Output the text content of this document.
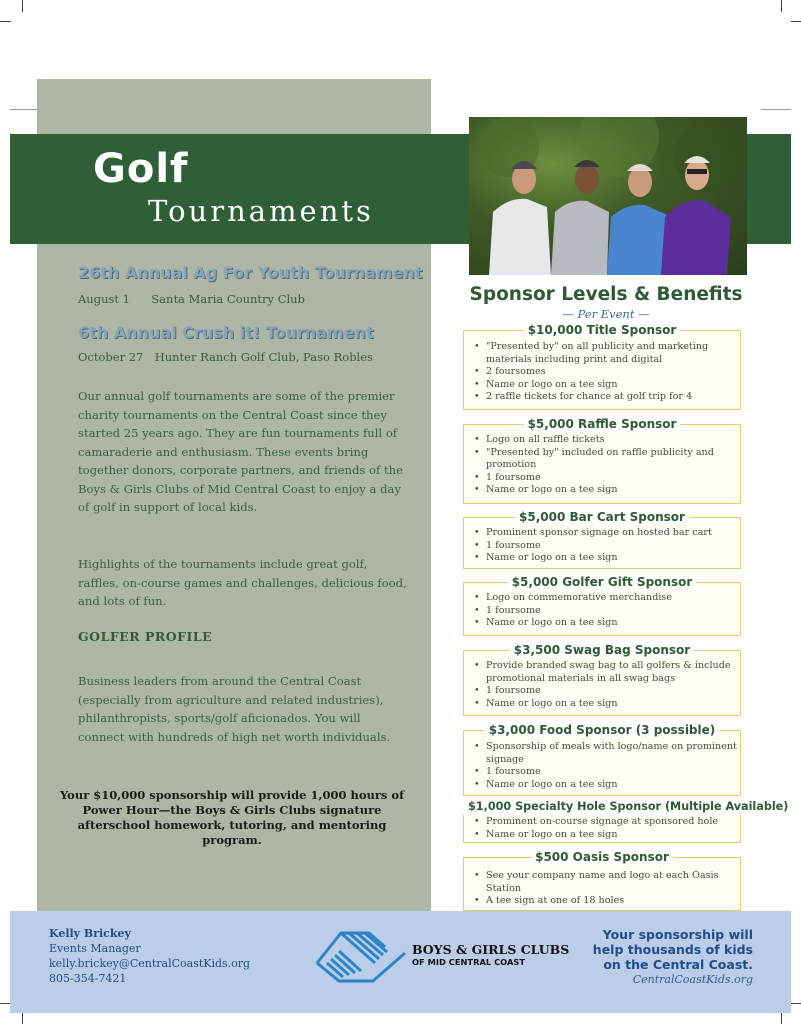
Golf
Tournaments
26th Annual Ag For Youth Tournament
August 1 Santa Maria Country Club
6th Annual Crush it! Tournament
October 27 Hunter Ranch Golf Club, Paso Robles
Our annual golf tournaments are some of the premier charity tournaments on the Central Coast since they started 25 years ago. They are fun tournaments full of camaraderie and enthusiasm. These events bring together donors, corporate partners, and friends of the Boys & Girls Clubs of Mid Central Coast to enjoy a day of golf in support of local kids.
Highlights of the tournaments include great golf, raffles, on-course games and challenges, delicious food, and lots of fun.
GOLFER PROFILE
Business leaders from around the Central Coast (especially from agriculture and related industries), philanthropists, sports/golf aficionados. You will connect with hundreds of high net worth individuals.
Your $10,000 sponsorship will provide 1,000 hours of Power Hour—the Boys & Girls Clubs signature afterschool homework, tutoring, and mentoring program.
Sponsor Levels & Benefits
— Per Event —
$10,000 Title Sponsor
• "Presented by" on all publicity and marketing materials including print and digital
• 2 foursomes
• Name or logo on a tee sign
• 2 raffle tickets for chance at golf trip for 4
$5,000 Raffle Sponsor
• Logo on all raffle tickets
• "Presented by" included on raffle publicity and promotion
• 1 foursome
• Name or logo on a tee sign
$5,000 Bar Cart Sponsor
• Prominent sponsor signage on hosted bar cart
• 1 foursome
• Name or logo on a tee sign
$5,000 Golfer Gift Sponsor
• Logo on commemorative merchandise
• 1 foursome
• Name or logo on a tee sign
$3,500 Swag Bag Sponsor
• Provide branded swag bag to all golfers & include promotional materials in all swag bags
• 1 foursome
• Name or logo on a tee sign
$3,000 Food Sponsor (3 possible)
• Sponsorship of meals with logo/name on prominent signage
• 1 foursome
• Name or logo on a tee sign
$1,000 Specialty Hole Sponsor (Multiple Available)
• Prominent on-course signage at sponsored hole
• Name or logo on a tee sign
$500 Oasis Sponsor
• See your company name and logo at each Oasis Station
• A tee sign at one of 18 holes
Kelly Brickey
Events Manager
kelly.brickey@CentralCoastKids.org
805-354-7421
BOYS & GIRLS CLUBS
OF MID CENTRAL COAST
Your sponsorship will
help thousands of kids
on the Central Coast.
CentralCoastKids.org
